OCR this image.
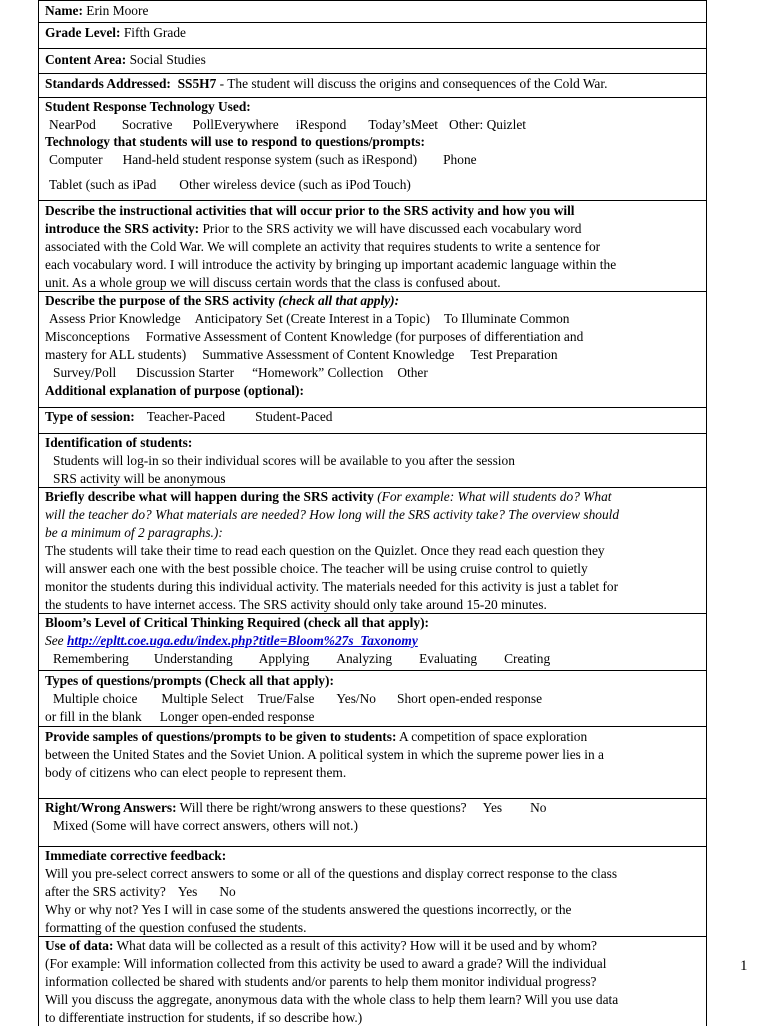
Name: Erin Moore
Grade Level: Fifth Grade
Content Area: Social Studies
Standards Addressed: SS5H7 - The student will discuss the origins and consequences of the Cold War.
Student Response Technology Used:
NearPod Socrative PollEverywhere iRespond Today’sMeet Other: Quizlet
Technology that students will use to respond to questions/prompts:
Computer Hand-held student response system (such as iRespond) Phone
Tablet (such as iPad Other wireless device (such as iPod Touch)
Describe the instructional activities that will occur prior to the SRS activity and how you will
introduce the SRS activity: Prior to the SRS activity we will have discussed each vocabulary word
associated with the Cold War. We will complete an activity that requires students to write a sentence for
each vocabulary word. I will introduce the activity by bringing up important academic language within the
unit. As a whole group we will discuss certain words that the class is confused about.
Describe the purpose of the SRS activity (check all that apply):
Assess Prior Knowledge Anticipatory Set (Create Interest in a Topic) To Illuminate Common
Misconceptions Formative Assessment of Content Knowledge (for purposes of differentiation and
mastery for ALL students) Summative Assessment of Content Knowledge Test Preparation
Survey/Poll Discussion Starter “Homework” Collection Other
Additional explanation of purpose (optional):
Type of session: Teacher-Paced Student-Paced
Identification of students:
Students will log-in so their individual scores will be available to you after the session
SRS activity will be anonymous
Briefly describe what will happen during the SRS activity (For example: What will students do? What
will the teacher do? What materials are needed? How long will the SRS activity take? The overview should
be a minimum of 2 paragraphs.):
The students will take their time to read each question on the Quizlet. Once they read each question they
will answer each one with the best possible choice. The teacher will be using cruise control to quietly
monitor the students during this individual activity. The materials needed for this activity is just a tablet for
the students to have internet access. The SRS activity should only take around 15-20 minutes.
Bloom’s Level of Critical Thinking Required (check all that apply):
See http://epltt.coe.uga.edu/index.php?title=Bloom%27s_Taxonomy
Remembering Understanding Applying Analyzing Evaluating Creating
Types of questions/prompts (Check all that apply):
Multiple choice Multiple Select True/False Yes/No Short open-ended response
or fill in the blank Longer open-ended response
Provide samples of questions/prompts to be given to students: A competition of space exploration
between the United States and the Soviet Union. A political system in which the supreme power lies in a
body of citizens who can elect people to represent them.
Right/Wrong Answers: Will there be right/wrong answers to these questions? Yes No
Mixed (Some will have correct answers, others will not.)
Immediate corrective feedback:
Will you pre-select correct answers to some or all of the questions and display correct response to the class
after the SRS activity? Yes No
Why or why not? Yes I will in case some of the students answered the questions incorrectly, or the
formatting of the question confused the students.
Use of data: What data will be collected as a result of this activity? How will it be used and by whom?
(For example: Will information collected from this activity be used to award a grade? Will the individual
information collected be shared with students and/or parents to help them monitor individual progress?
Will you discuss the aggregate, anonymous data with the whole class to help them learn? Will you use data
to differentiate instruction for students, if so describe how.)
1
